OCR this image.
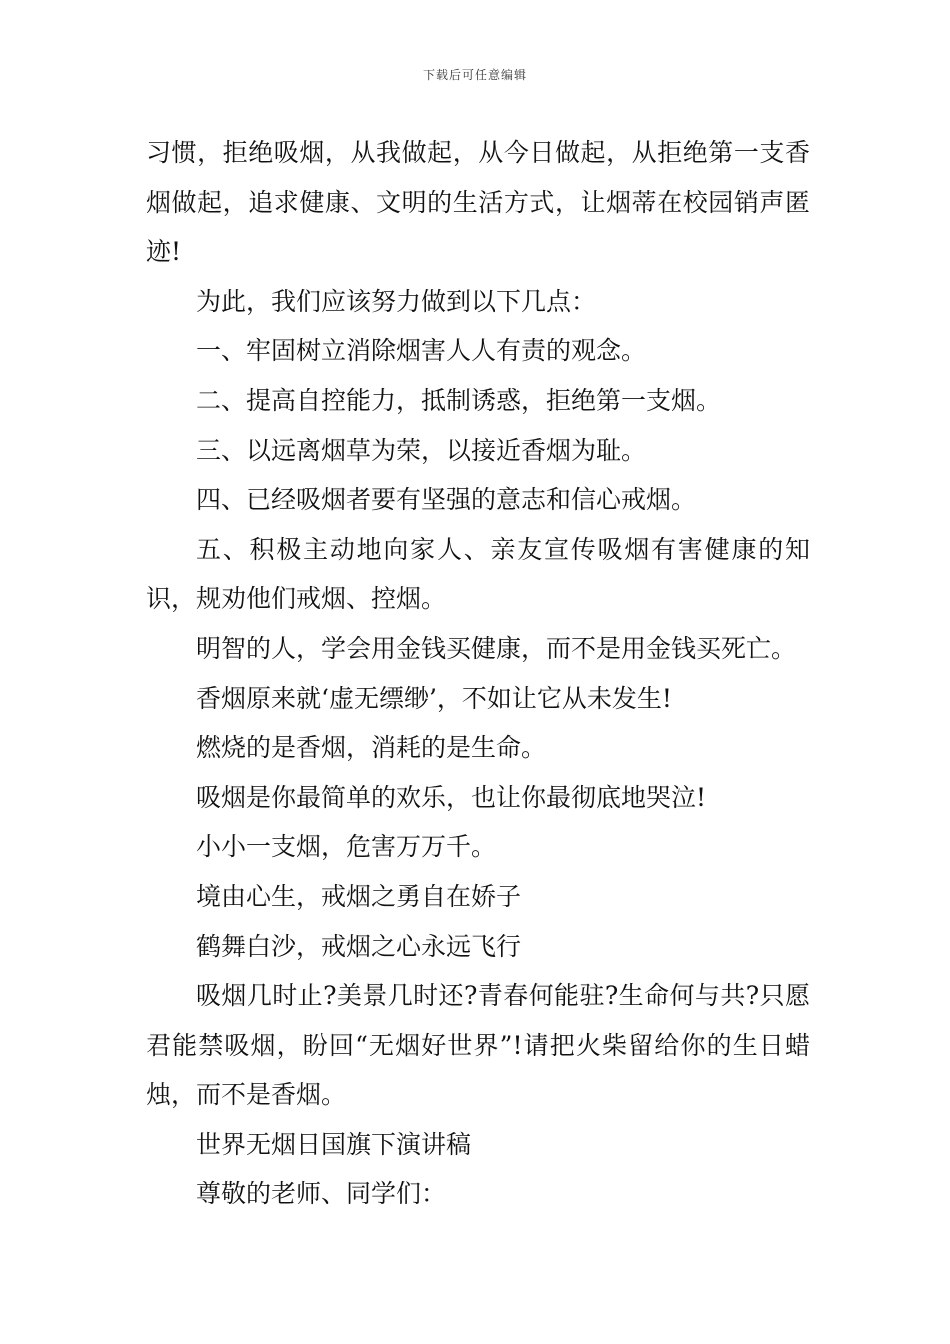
下载后可任意编辑

习惯，拒绝吸烟，从我做起，从今日做起，从拒绝第一支香烟做起，追求健康、文明的生活方式，让烟蒂在校园销声匿迹!

为此，我们应该努力做到以下几点：

一、牢固树立消除烟害人人有责的观念。

二、提高自控能力，抵制诱惑，拒绝第一支烟。

三、以远离烟草为荣，以接近香烟为耻。

四、已经吸烟者要有坚强的意志和信心戒烟。

五、积极主动地向家人、亲友宣传吸烟有害健康的知识，规劝他们戒烟、控烟。

明智的人，学会用金钱买健康，而不是用金钱买死亡。

香烟原来就‘虚无缥缈’，不如让它从未发生!

燃烧的是香烟，消耗的是生命。

吸烟是你最简单的欢乐，也让你最彻底地哭泣!

小小一支烟，危害万万千。

境由心生，戒烟之勇自在娇子

鹤舞白沙，戒烟之心永远飞行

吸烟几时止?美景几时还?青春何能驻?生命何与共?只愿君能禁吸烟，盼回“无烟好世界”!请把火柴留给你的生日蜡烛，而不是香烟。

世界无烟日国旗下演讲稿

尊敬的老师、同学们：
